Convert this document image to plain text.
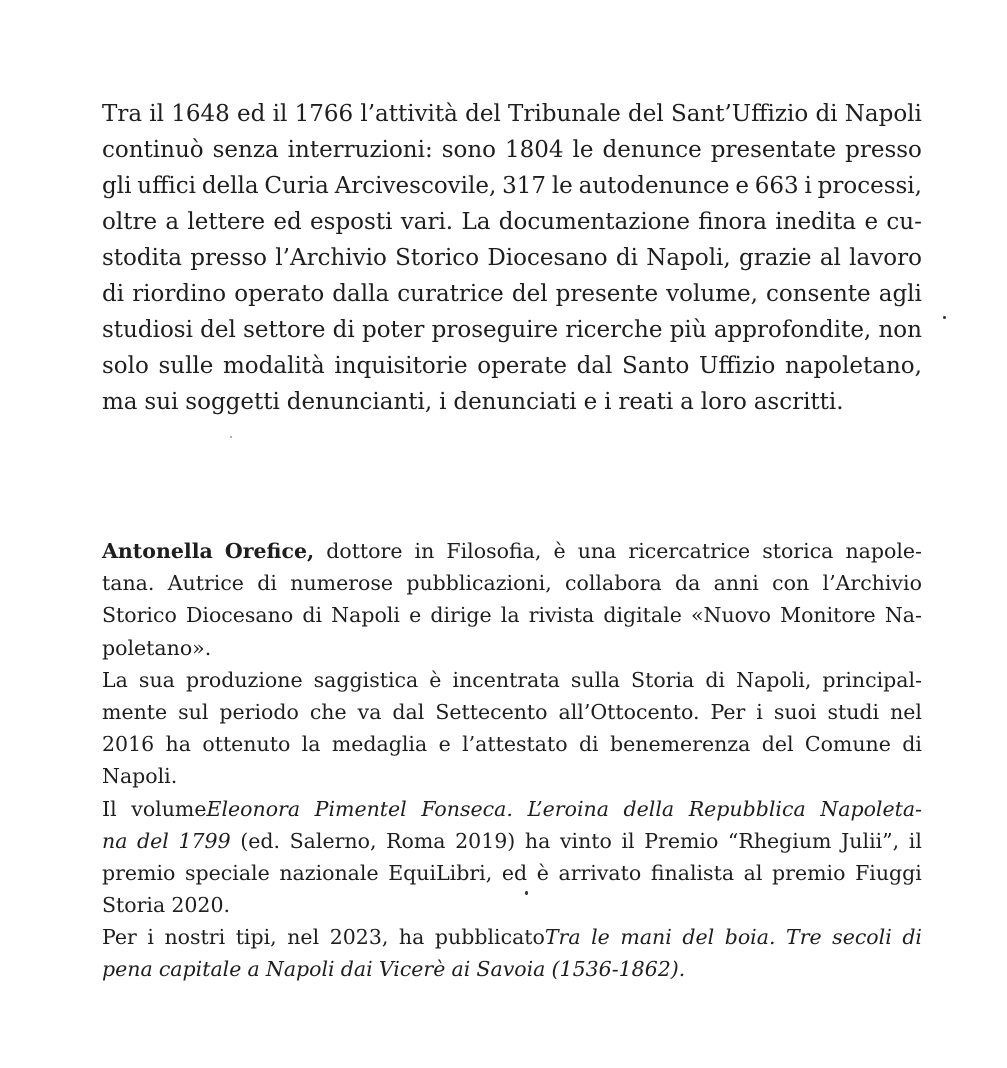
Tra il 1648 ed il 1766 l’attività del Tribunale del Sant’Uffizio di Napoli
continuò senza interruzioni: sono 1804 le denunce presentate presso
gli uffici della Curia Arcivescovile, 317 le autodenunce e 663 i processi,
oltre a lettere ed esposti vari. La documentazione finora inedita e cu-
stodita presso l’Archivio Storico Diocesano di Napoli, grazie al lavoro
di riordino operato dalla curatrice del presente volume, consente agli
studiosi del settore di poter proseguire ricerche più approfondite, non
solo sulle modalità inquisitorie operate dal Santo Uffizio napoletano,
ma sui soggetti denuncianti, i denunciati e i reati a loro ascritti.
Antonella Orefice, dottore in Filosofia, è una ricercatrice storica napole-
tana. Autrice di numerose pubblicazioni, collabora da anni con l’Archivio
Storico Diocesano di Napoli e dirige la rivista digitale «Nuovo Monitore Na-
poletano».
La sua produzione saggistica è incentrata sulla Storia di Napoli, principal-
mente sul periodo che va dal Settecento all’Ottocento. Per i suoi studi nel
2016 ha ottenuto la medaglia e l’attestato di benemerenza del Comune di
Napoli.
Il volumeEleonora Pimentel Fonseca. L’eroina della Repubblica Napoleta-
na del 1799 (ed. Salerno, Roma 2019) ha vinto il Premio “Rhegium Julii”, il
premio speciale nazionale EquiLibri, ed è arrivato finalista al premio Fiuggi
Storia 2020.
Per i nostri tipi, nel 2023, ha pubblicatoTra le mani del boia. Tre secoli di
pena capitale a Napoli dai Vicerè ai Savoia (1536-1862).
